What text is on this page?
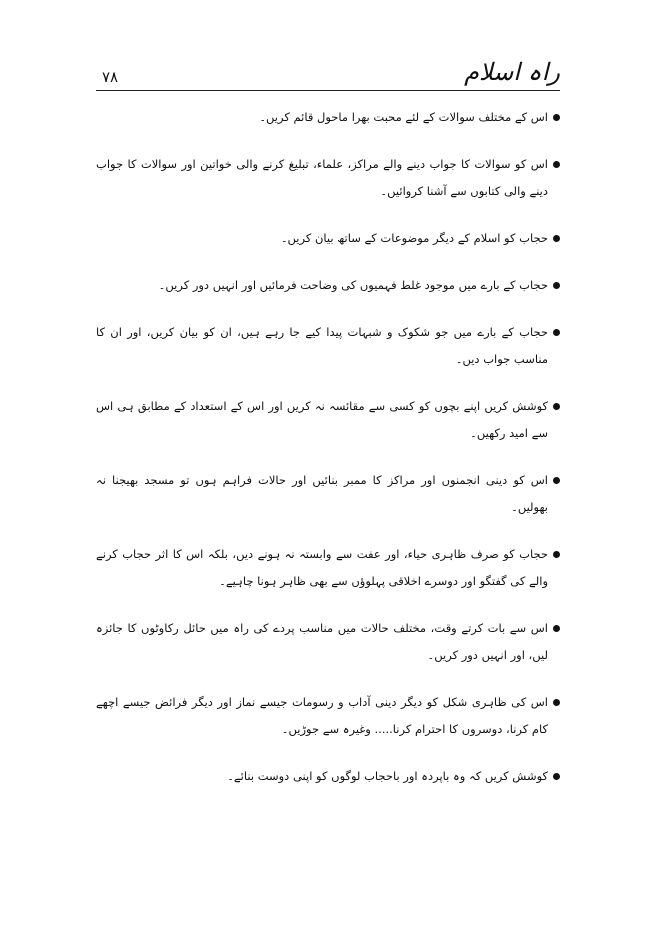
راہ اسلام
۷۸
اس کے مختلف سوالات کے لئے محبت بھرا ماحول قائم کریں۔
اس کو سوالات کا جواب دینے والے مراکز، علماء، تبلیغ کرنے والی خواتین اور سوالات کا جواب دینے والی کتابوں سے آشنا کروائیں۔
حجاب کو اسلام کے دیگر موضوعات کے ساتھ بیان کریں۔
حجاب کے بارے میں موجود غلط فہمیوں کی وضاحت فرمائیں اور انہیں دور کریں۔
حجاب کے بارے میں جو شکوک و شبہات پیدا کیے جا رہے ہیں، ان کو بیان کریں، اور ان کا مناسب جواب دیں۔
کوشش کریں اپنے بچوں کو کسی سے مقائسہ نہ کریں اور اس کے استعداد کے مطابق ہی اس سے امید رکھیں۔
اس کو دینی انجمنوں اور مراکز کا ممبر بنائیں اور حالات فراہم ہوں تو مسجد بھیجنا نہ بھولیں۔
حجاب کو صرف ظاہری حیاء، اور عفت سے وابستہ نہ ہونے دیں، بلکہ اس کا اثر حجاب کرنے والے کی گفتگو اور دوسرے اخلاقی پہلوؤں سے بھی ظاہر ہونا چاہیے۔
اس سے بات کرتے وقت، مختلف حالات میں مناسب پردے کی راہ میں حائل رکاوٹوں کا جائزہ لیں، اور انہیں دور کریں۔
اس کی ظاہری شکل کو دیگر دینی آداب و رسومات جیسے نماز اور دیگر فرائض جیسے اچھے کام کرنا، دوسروں کا احترام کرنا..... وغیرہ سے جوڑیں۔
کوشش کریں کہ وہ باپردہ اور باحجاب لوگوں کو اپنی دوست بنائے۔
